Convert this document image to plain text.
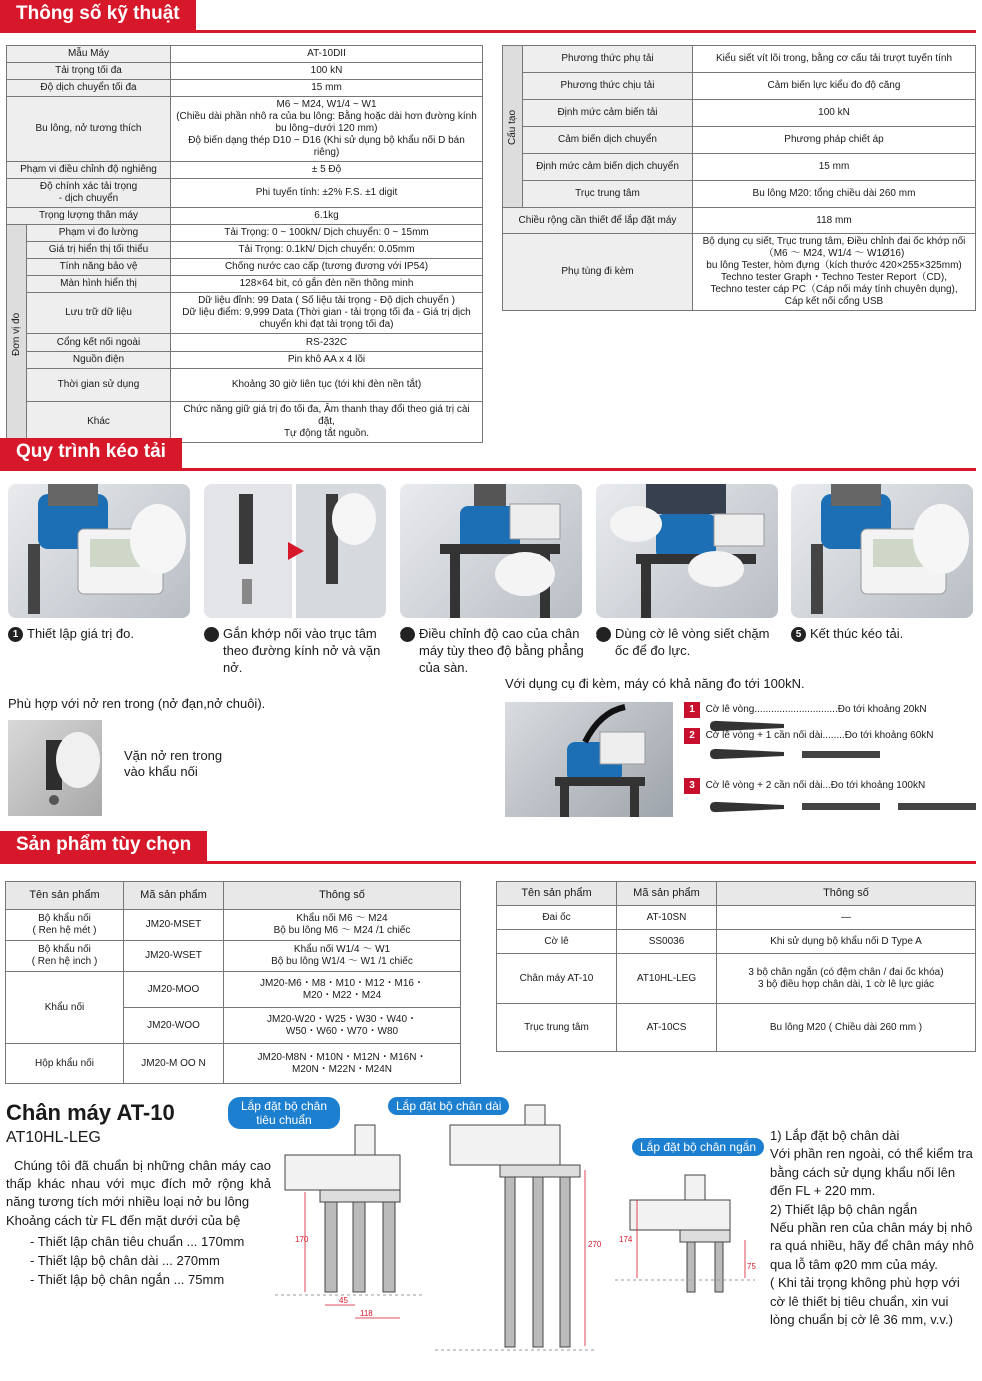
Thông số kỹ thuật
Mẫu Máy		AT-10DII
Tải trọng tối đa		100 kN
Độ dịch chuyển tối đa		15 mm
Bu lông, nở tương thích		M6 ~ M24, W1/4 ~ W1
(Chiều dài phần nhô ra của bu lông: Bằng hoặc dài hơn đường kính bu lông~dưới 120 mm)
Độ biến dạng thép D10 ~ D16 (Khi sử dụng bộ khẩu nối D bán riêng)
Phạm vi điều chỉnh độ nghiêng		± 5 Độ
Độ chính xác tải trọng
- dịch chuyển		Phi tuyến tính: ±2% F.S. ±1 digit
Trọng lượng thân máy		6.1kg
Đơn vị đo	Phạm vi đo lường	Tải Trọng: 0 ~ 100kN/ Dịch chuyển: 0 ~ 15mm
	Giá trị hiển thị tối thiểu	Tải Trọng: 0.1kN/ Dịch chuyển: 0.05mm
	Tính năng bảo vệ	Chống nước cao cấp (tương đương với IP54)
	Màn hình hiển thị	128×64 bit, có gắn đèn nền thông minh
	Lưu trữ dữ liệu	Dữ liệu đỉnh: 99 Data ( Số liệu tải trọng - Độ dịch chuyển )
Dữ liệu điểm: 9,999 Data (Thời gian - tải trọng tối đa - Giá trị dịch chuyển khi đạt tải trọng tối đa)
	Cổng kết nối ngoài	RS-232C
	Nguồn điện	Pin khô AA x 4 lõi
	Thời gian sử dụng	Khoảng 30 giờ liên tục (tới khi đèn nền tắt)
	Khác	Chức năng giữ giá trị đo tối đa, Âm thanh thay đổi theo giá trị cài đặt,
Tự động tắt nguồn.
Cấu tạo	Phương thức phụ tải	Kiểu siết vít lõi trong, bằng cơ cấu tải trượt tuyến tính
	Phương thức chịu tải	Cảm biến lực kiểu đo độ căng
	Định mức cảm biến tải	100 kN
	Cảm biến dịch chuyển	Phương pháp chiết áp
	Định mức cảm biến dịch chuyển	15 mm
	Trục trung tâm	Bu lông M20: tổng chiều dài 260 mm
Chiều rộng cần thiết để lắp đặt máy		118 mm
Phụ tùng đi kèm		Bộ dụng cụ siết, Trục trung tâm, Điều chỉnh đai ốc khớp nối （M6 ～ M24, W1/4 ～ W1Ø16)
bu lông Tester, hòm đựng（kích thước 420×255×325mm)
Techno tester Graph・Techno Tester Report（CD),
Techno tester cáp PC（Cáp nối máy tính chuyên dụng),
Cáp kết nối cổng USB
Quy trình kéo tải
1 Thiết lập giá trị đo.	2 Gắn khớp nối vào trục tâm theo đường kính nở và vặn nở.
3 Điều chỉnh độ cao của chân máy tùy theo độ bằng phẳng của sàn.
4 Dùng cờ lê vòng siết chặm ốc để đo lực.
5 Kết thúc kéo tải.
Phù hợp với nở ren trong (nở đạn,nở chuôi).
Vặn nở ren trong
vào khẩu nối
Với dụng cụ đi kèm, máy có khả năng đo tới 100kN.
1 Cờ lê vòng..............................Đo tới khoảng 20kN
2 Cờ lê vòng + 1 cần nối dài........Đo tới khoảng 60kN
3 Cờ lê vòng + 2 cần nối dài...Đo tới khoảng 100kN
Sản phẩm tùy chọn
Tên sản phẩm	Mã sản phẩm	Thông số
Bộ khẩu nối
( Ren hệ mét )	JM20-MSET	Khẩu nối M6 ～ M24
Bộ bu lông M6 ～ M24 /1 chiếc
Bộ khẩu nối
( Ren hệ inch )	JM20-WSET	Khẩu nối W1/4 ～ W1
Bộ bu lông W1/4 ～ W1 /1 chiếc
Khẩu nối	JM20-MOO	JM20-M6・M8・M10・M12・M16・
M20・M22・M24
	JM20-WOO	JM20-W20・W25・W30・W40・
W50・W60・W70・W80
Hộp khẩu nối	JM20-M OO N	JM20-M8N・M10N・M12N・M16N・
M20N・M22N・M24N
Tên sản phẩm	Mã sản phẩm	Thông số
Đai ốc	AT-10SN	—
Cờ lê	SS0036	Khi sử dụng bộ khẩu nối D Type A
Chân máy AT-10	AT10HL-LEG	3 bộ chân ngắn (có đệm chân / đai ốc khóa)
3 bộ điều hợp chân dài, 1 cờ lê lực giác
Trục trung tâm	AT-10CS	Bu lông M20 ( Chiều dài 260 mm )
Chân máy AT-10
AT10HL-LEG
Chúng tôi đã chuẩn bị những chân máy cao thấp khác nhau với mục đích mở rộng khả năng tương tích mới nhiều loại nở bu lông
Khoảng cách từ FL đến mặt dưới của bệ
- Thiết lập chân tiêu chuẩn ... 170mm
- Thiết lập bộ chân dài ... 270mm
- Thiết lập bộ chân ngắn ... 75mm
170
45
118
270
174
75
Lắp đặt bộ chân
tiêu chuẩn
Lắp đặt bộ chân dài
Lắp đặt bộ chân ngắn
1) Lắp đặt bộ chân dài
Với phần ren ngoài, có thể kiểm tra bằng cách sử dụng khẩu nối lên đến FL + 220 mm.
2) Thiết lập bộ chân ngắn
Nếu phần ren của chân máy bị nhô ra quá nhiều, hãy để chân máy nhô qua lỗ tâm φ20 mm của máy.
( Khi tải trọng không phù hợp với cờ lê thiết bị tiêu chuẩn, xin vui lòng chuẩn bị cờ lê 36 mm, v.v.)
